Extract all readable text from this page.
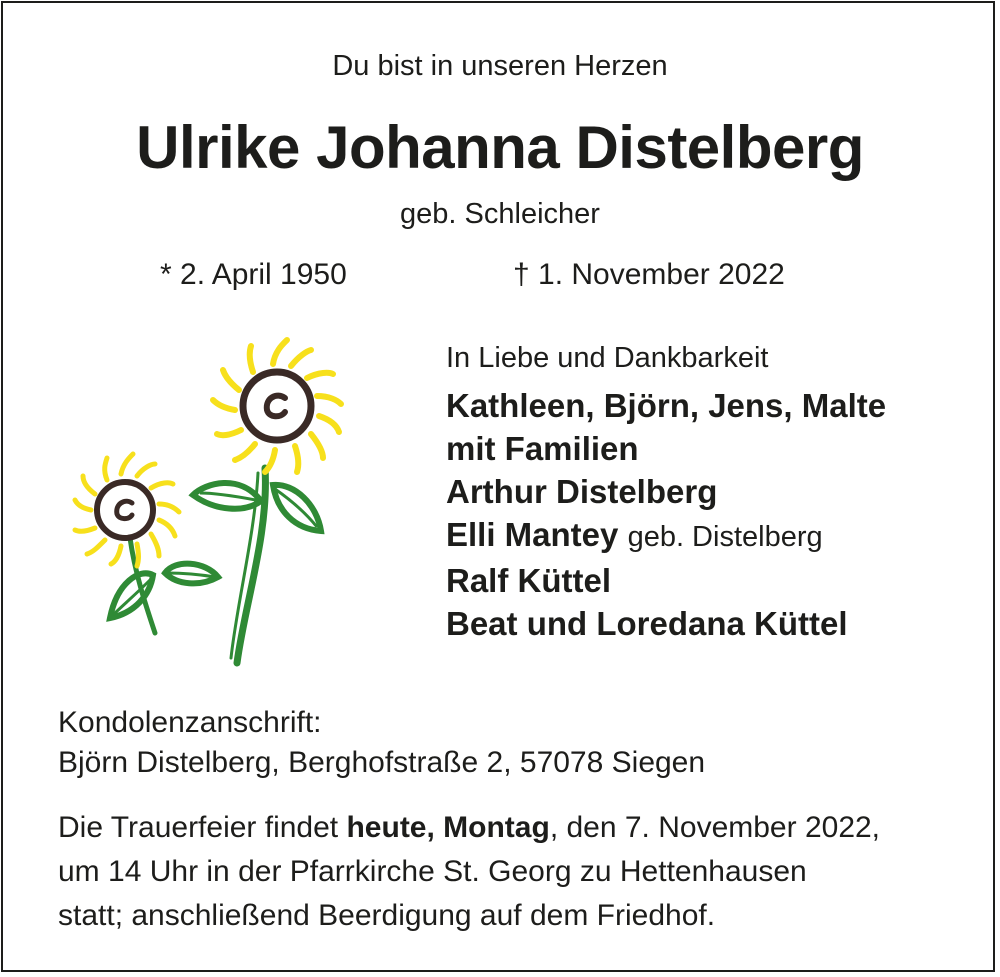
Du bist in unseren Herzen
Ulrike Johanna Distelberg
geb. Schleicher
* 2. April 1950	† 1. November 2022
In Liebe und Dankbarkeit
Kathleen, Björn, Jens, Malte
mit Familien
Arthur Distelberg
Elli Mantey geb. Distelberg
Ralf Küttel
Beat und Loredana Küttel
Kondolenzanschrift:
Björn Distelberg, Berghofstraße 2, 57078 Siegen
Die Trauerfeier findet heute, Montag, den 7. November 2022,
um 14 Uhr in der Pfarrkirche St. Georg zu Hettenhausen
statt; anschließend Beerdigung auf dem Friedhof.
